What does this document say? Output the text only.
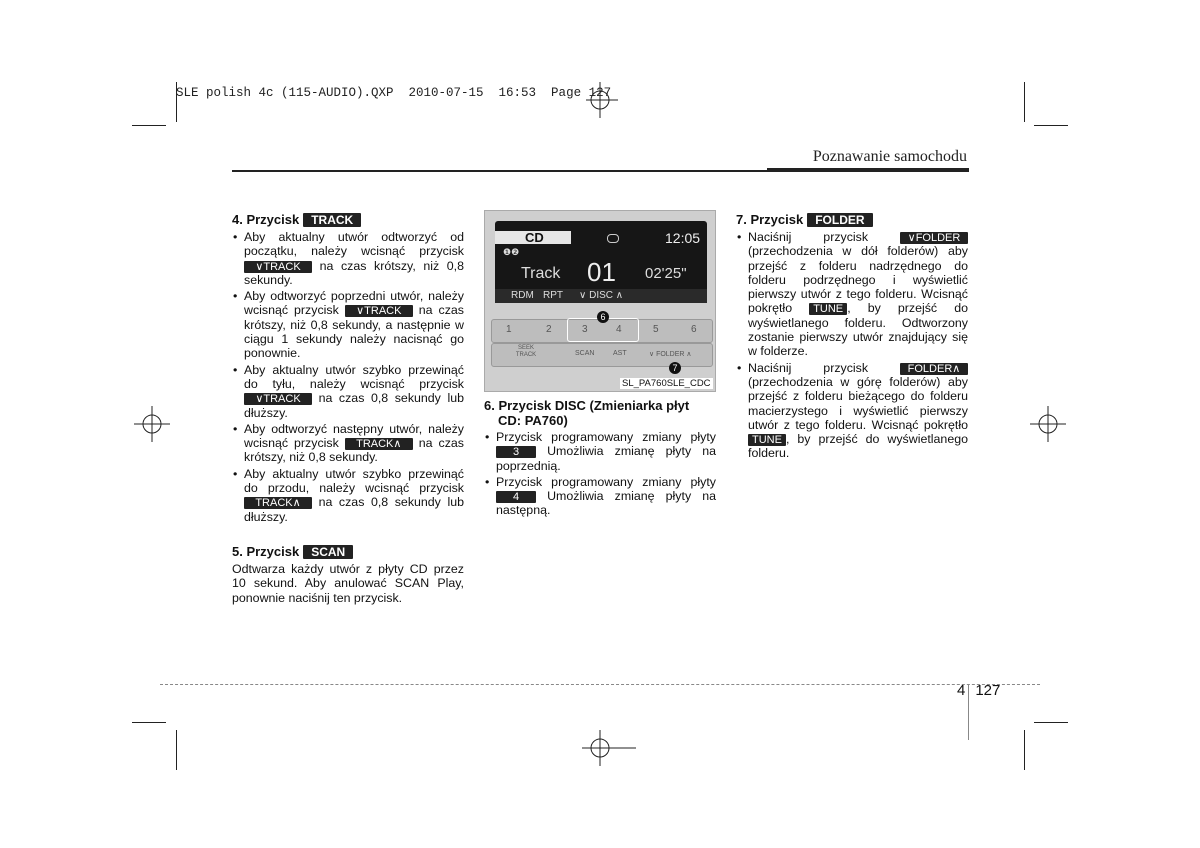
SLE polish 4c (115-AUDIO).QXP  2010-07-15  16:53  Page 127
Poznawanie samochodu
4. Przycisk TRACK
• Aby aktualny utwór odtworzyć od początku, należy wcisnąć przycisk ∨TRACK na czas krótszy, niż 0,8 sekundy.
• Aby odtworzyć poprzedni utwór, należy wcisnąć przycisk ∨TRACK na czas krótszy, niż 0,8 sekundy, a następnie w ciągu 1 sekundy należy nacisnąć go ponownie.
• Aby aktualny utwór szybko przewinąć do tyłu, należy wcisnąć przycisk ∨TRACK na czas 0,8 sekundy lub dłuższy.
• Aby odtworzyć następny utwór, należy wcisnąć przycisk TRACK∧ na czas krótszy, niż 0,8 sekundy.
• Aby aktualny utwór szybko przewinąć do przodu, należy wcisnąć przycisk TRACK∧ na czas 0,8 sekundy lub dłuższy.
5. Przycisk SCAN

Odtwarza każdy utwór z płyty CD przez 10 sekund. Aby anulować SCAN Play, ponownie naciśnij ten przycisk.

CD	12:05
❶❷
Track 01 02'25"
RDM RPT ∨ DISC ∧
1	2	3	4	5	6
6
SEEK TRACK	SCAN	AST	∨ FOLDER ∧
7
SL_PA760SLE_CDC
6. Przycisk DISC (Zmieniarka płyt
CD: PA760)
• Przycisk programowany zmiany płyty 3 Umożliwia zmianę płyty na poprzednią.
• Przycisk programowany zmiany płyty 4 Umożliwia zmianę płyty na następną.
7. Przycisk FOLDER
• Naciśnij przycisk	∨FOLDER (przechodzenia w dół folderów) aby przejść z folderu nadrzędnego do folderu podrzędnego i wyświetlić pierwszy utwór z tego folderu. Wcisnąć pokrętło TUNE , by przejść do wyświetlanego folderu. Odtworzony zostanie pierwszy utwór znajdujący się w folderze.
• Naciśnij przycisk	FOLDER∧ (przechodzenia w górę folderów) aby przejść z folderu bieżącego do folderu macierzystego i wyświetlić pierwszy utwór z tego folderu. Wcisnąć pokrętło TUNE , by przejść do wyświetlanego folderu.
4 127
